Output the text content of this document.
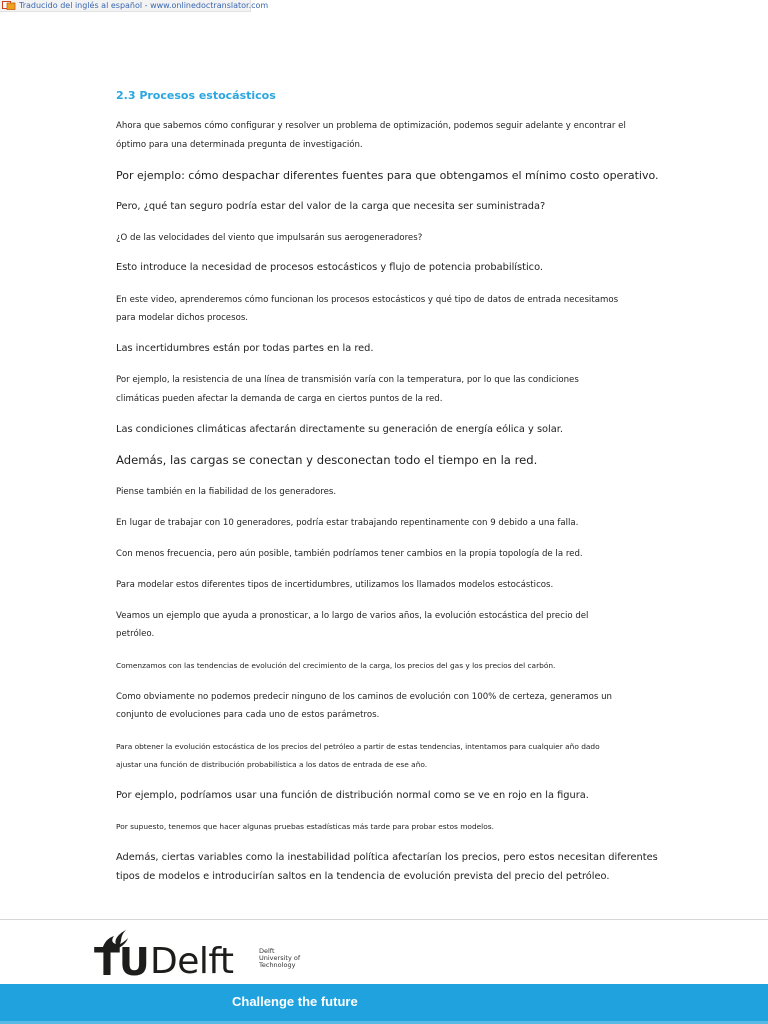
Traducido del inglés al español - www.onlinedoctranslator.com

2.3 Procesos estocásticos

Ahora que sabemos cómo configurar y resolver un problema de optimización, podemos seguir adelante y encontrar el

óptimo para una determinada pregunta de investigación.

Por ejemplo: cómo despachar diferentes fuentes para que obtengamos el mínimo costo operativo.

Pero, ¿qué tan seguro podría estar del valor de la carga que necesita ser suministrada?

¿O de las velocidades del viento que impulsarán sus aerogeneradores?

Esto introduce la necesidad de procesos estocásticos y flujo de potencia probabilístico.

En este video, aprenderemos cómo funcionan los procesos estocásticos y qué tipo de datos de entrada necesitamos

para modelar dichos procesos.

Las incertidumbres están por todas partes en la red.

Por ejemplo, la resistencia de una línea de transmisión varía con la temperatura, por lo que las condiciones

climáticas pueden afectar la demanda de carga en ciertos puntos de la red.

Las condiciones climáticas afectarán directamente su generación de energía eólica y solar.

Además, las cargas se conectan y desconectan todo el tiempo en la red.

Piense también en la fiabilidad de los generadores.

En lugar de trabajar con 10 generadores, podría estar trabajando repentinamente con 9 debido a una falla.

Con menos frecuencia, pero aún posible, también podríamos tener cambios en la propia topología de la red.

Para modelar estos diferentes tipos de incertidumbres, utilizamos los llamados modelos estocásticos.

Veamos un ejemplo que ayuda a pronosticar, a lo largo de varios años, la evolución estocástica del precio del

petróleo.

Comenzamos con las tendencias de evolución del crecimiento de la carga, los precios del gas y los precios del carbón.

Como obviamente no podemos predecir ninguno de los caminos de evolución con 100% de certeza, generamos un

conjunto de evoluciones para cada uno de estos parámetros.

Para obtener la evolución estocástica de los precios del petróleo a partir de estas tendencias, intentamos para cualquier año dado

ajustar una función de distribución probabilística a los datos de entrada de ese año.

Por ejemplo, podríamos usar una función de distribución normal como se ve en rojo en la figura.

Por supuesto, tenemos que hacer algunas pruebas estadísticas más tarde para probar estos modelos.

Además, ciertas variables como la inestabilidad política afectarían los precios, pero estos necesitan diferentes

tipos de modelos e introducirían saltos en la tendencia de evolución prevista del precio del petróleo.

TU Delft	Delft
University of
Technology
Challenge the future
